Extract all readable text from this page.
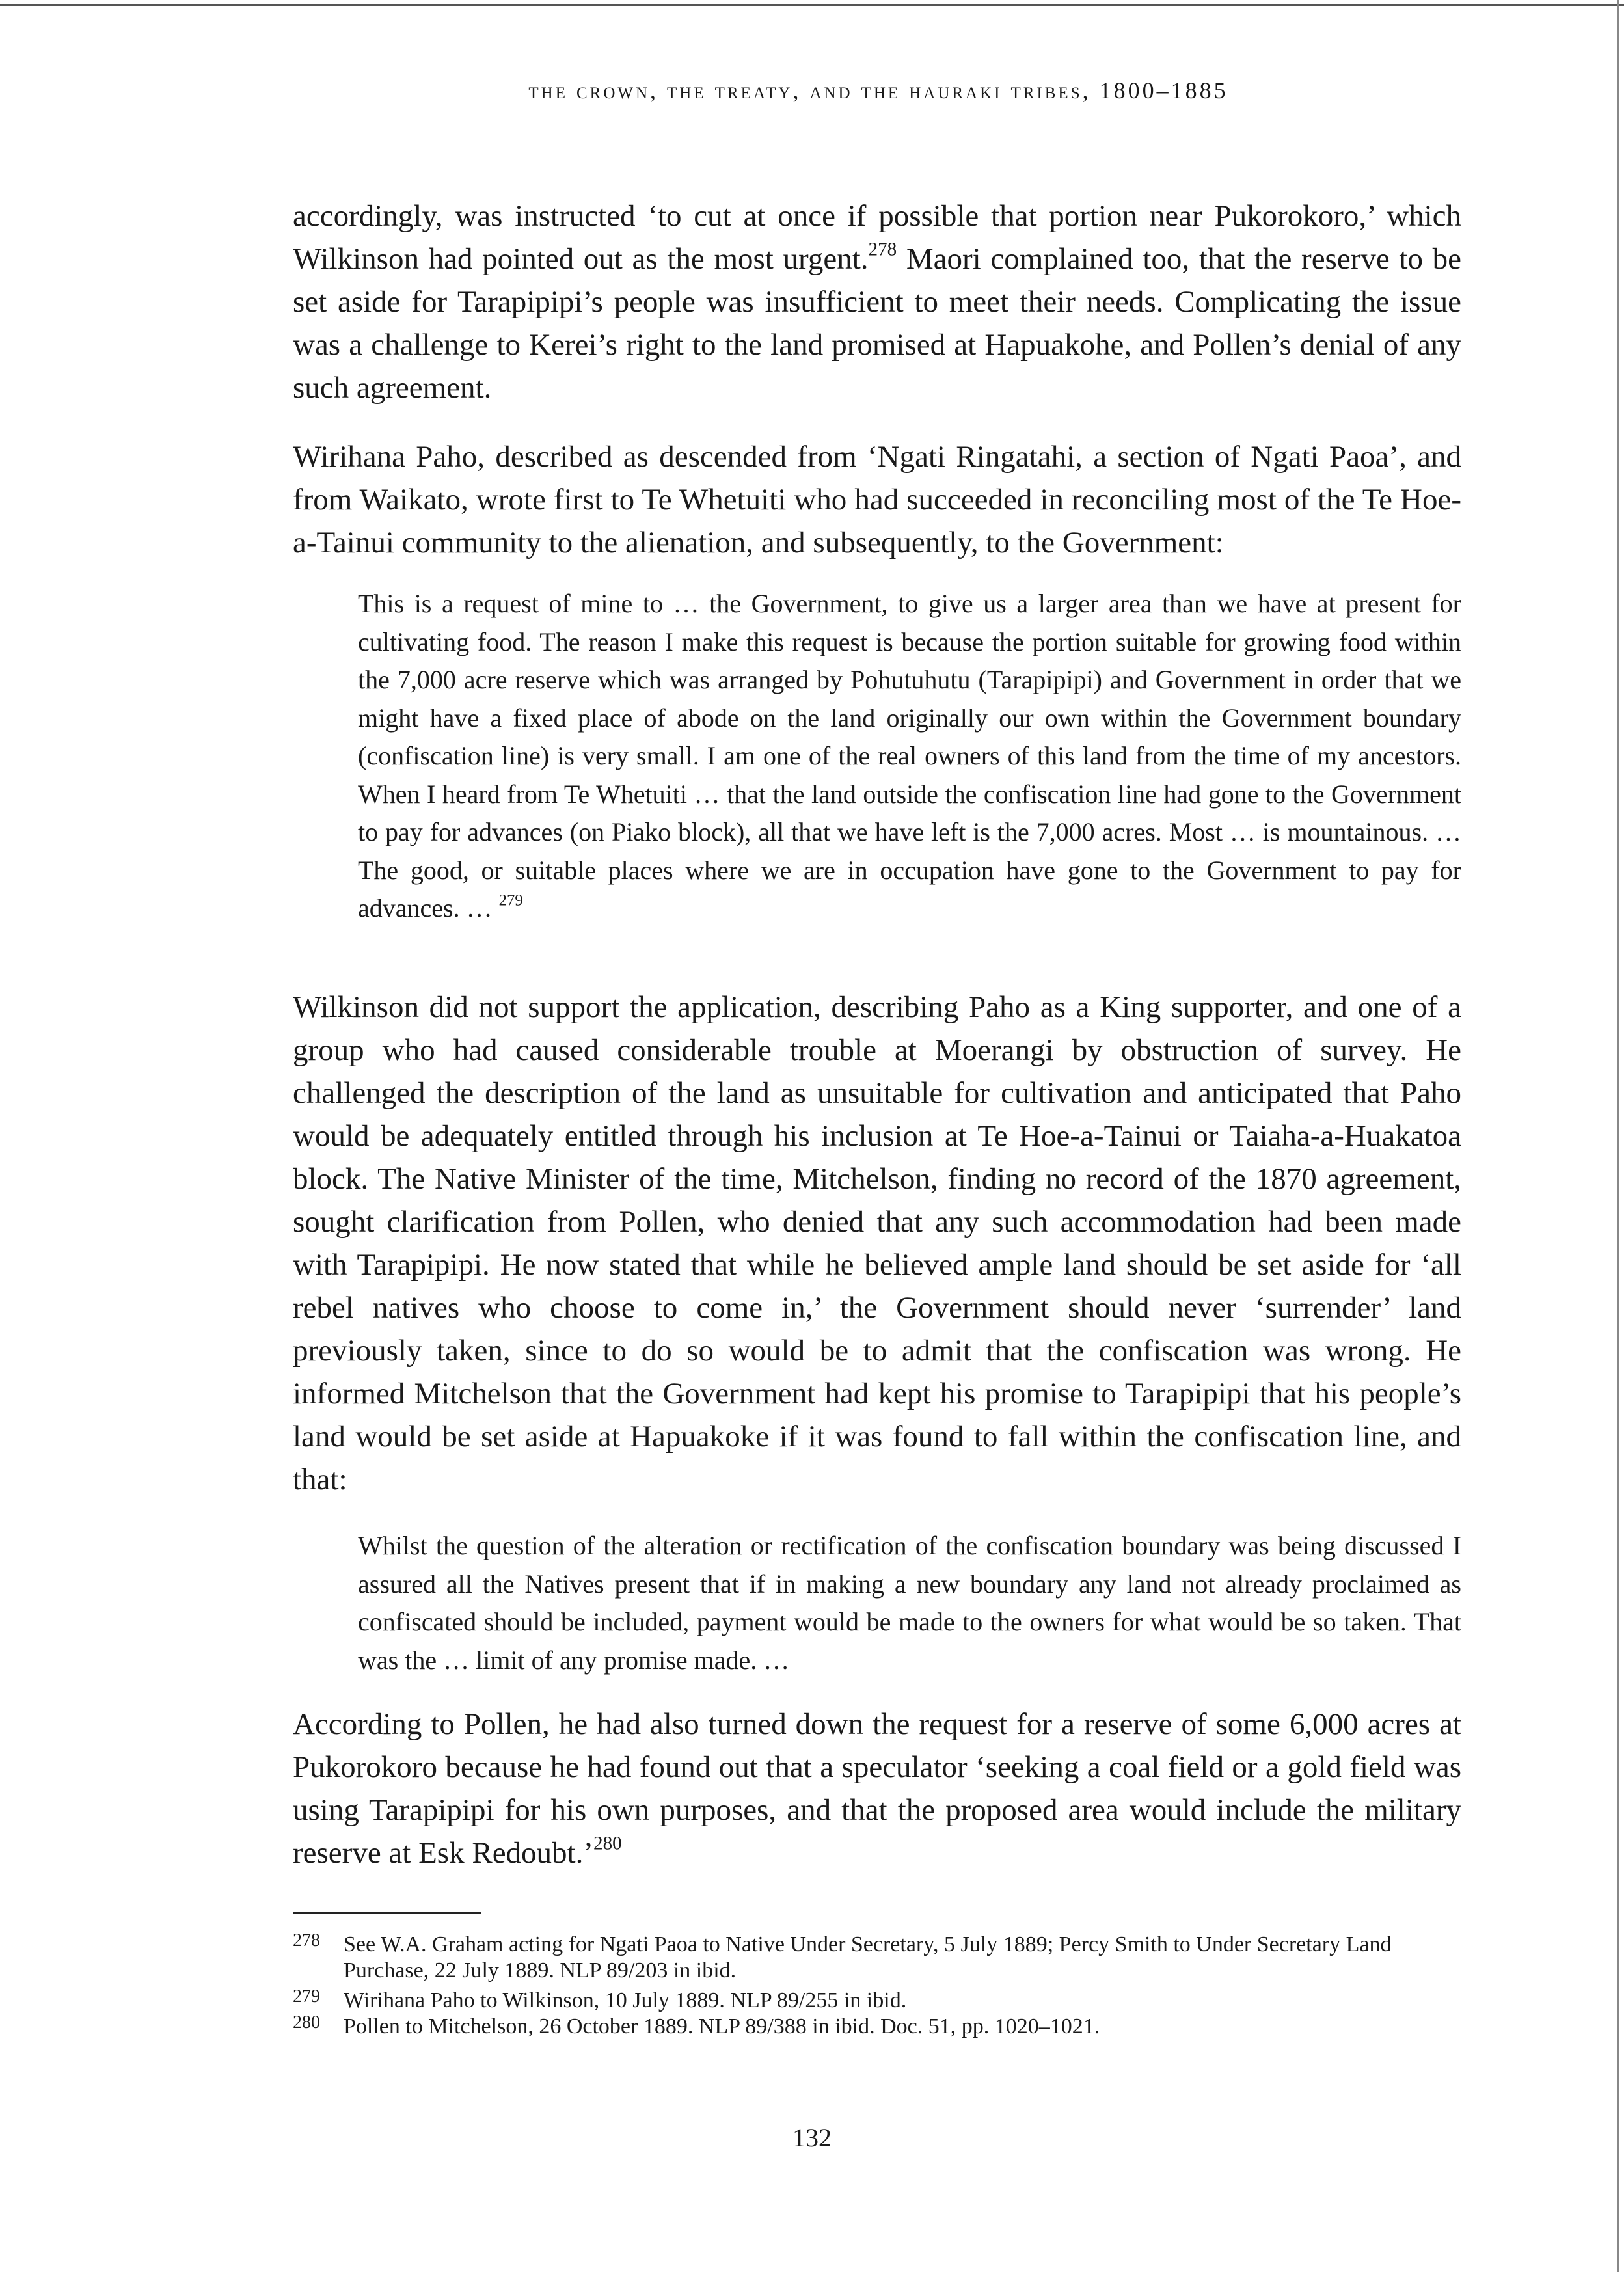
the crown, the treaty, and the hauraki tribes, 1800–1885

accordingly, was instructed ‘to cut at once if possible that portion near Pukorokoro,’ which Wilkinson had pointed out as the most urgent.$^{278}$ Maori complained too, that the reserve to be set aside for Tarapipipi’s people was insufficient to meet their needs. Complicating the issue was a challenge to Kerei’s right to the land promised at Hapuakohe, and Pollen’s denial of any such agreement.

Wirihana Paho, described as descended from ‘Ngati Ringatahi, a section of Ngati Paoa’, and from Waikato, wrote first to Te Whetuiti who had succeeded in reconciling most of the Te Hoe-a-Tainui community to the alienation, and subsequently, to the Government:

This is a request of mine to … the Government, to give us a larger area than we have at present for cultivating food. The reason I make this request is because the portion suitable for growing food within the 7,000 acre reserve which was arranged by Pohutuhutu (Tarapipipi) and Government in order that we might have a fixed place of abode on the land originally our own within the Government boundary (confiscation line) is very small. I am one of the real owners of this land from the time of my ancestors. When I heard from Te Whetuiti … that the land outside the confiscation line had gone to the Government to pay for advances (on Piako block), all that we have left is the 7,000 acres. Most … is mountainous. … The good, or suitable places where we are in occupation have gone to the Government to pay for advances. … $^{279}$

Wilkinson did not support the application, describing Paho as a King supporter, and one of a group who had caused considerable trouble at Moerangi by obstruction of survey. He challenged the description of the land as unsuitable for cultivation and anticipated that Paho would be adequately entitled through his inclusion at Te Hoe-a-Tainui or Taiaha-a-Huakatoa block. The Native Minister of the time, Mitchelson, finding no record of the 1870 agreement, sought clarification from Pollen, who denied that any such accommodation had been made with Tarapipipi. He now stated that while he believed ample land should be set aside for ‘all rebel natives who choose to come in,’ the Government should never ‘surrender’ land previously taken, since to do so would be to admit that the confiscation was wrong. He informed Mitchelson that the Government had kept his promise to Tarapipipi that his people’s land would be set aside at Hapuakoke if it was found to fall within the confiscation line, and that:

Whilst the question of the alteration or rectification of the confiscation boundary was being discussed I assured all the Natives present that if in making a new boundary any land not already proclaimed as confiscated should be included, payment would be made to the owners for what would be so taken. That was the … limit of any promise made. …

According to Pollen, he had also turned down the request for a reserve of some 6,000 acres at Pukorokoro because he had found out that a speculator ‘seeking a coal field or a gold field was using Tarapipipi for his own purposes, and that the proposed area would include the military reserve at Esk Redoubt.’$^{280}$

278 See W.A. Graham acting for Ngati Paoa to Native Under Secretary, 5 July 1889; Percy Smith to Under Secretary Land Purchase, 22 July 1889. NLP 89/203 in ibid.

279 Wirihana Paho to Wilkinson, 10 July 1889. NLP 89/255 in ibid.

280 Pollen to Mitchelson, 26 October 1889. NLP 89/388 in ibid. Doc. 51, pp. 1020–1021.

132
